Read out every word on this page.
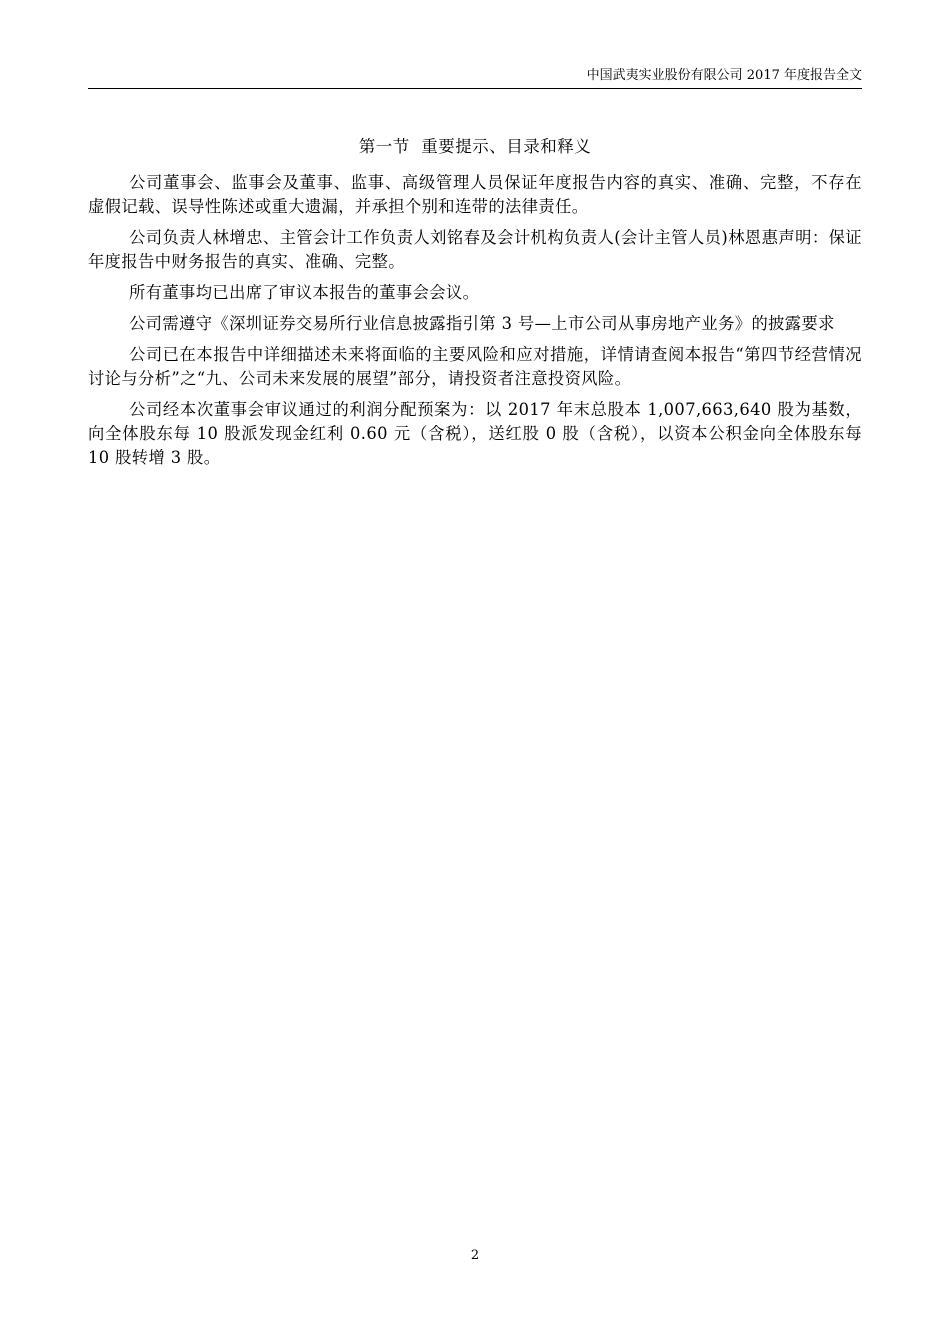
中国武夷实业股份有限公司 2017 年度报告全文
第一节  重要提示、目录和释义

公司董事会、监事会及董事、监事、高级管理人员保证年度报告内容的真实、准确、完整，不存在虚假记载、误导性陈述或重大遗漏，并承担个别和连带的法律责任。

公司负责人林增忠、主管会计工作负责人刘铭春及会计机构负责人(会计主管人员)林恩惠声明：保证年度报告中财务报告的真实、准确、完整。

所有董事均已出席了审议本报告的董事会会议。

公司需遵守《深圳证券交易所行业信息披露指引第 3 号—上市公司从事房地产业务》的披露要求

公司已在本报告中详细描述未来将面临的主要风险和应对措施，详情请查阅本报告“第四节经营情况讨论与分析”之“九、公司未来发展的展望”部分，请投资者注意投资风险。

公司经本次董事会审议通过的利润分配预案为：以 2017 年末总股本 1,007,663,640 股为基数，向全体股东每 10 股派发现金红利 0.60 元（含税），送红股 0 股（含税），以资本公积金向全体股东每 10 股转增 3 股。

2
